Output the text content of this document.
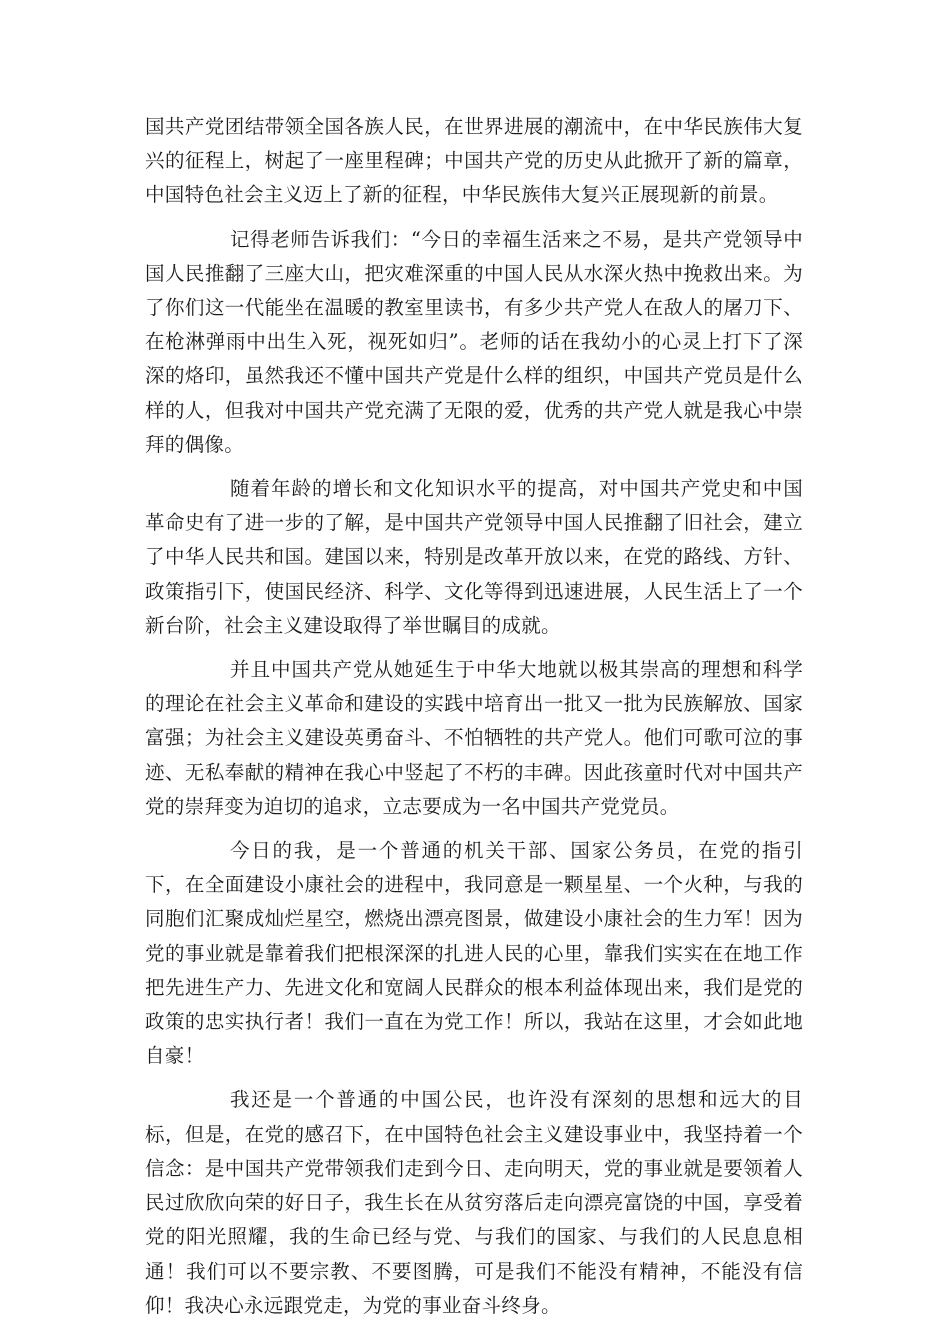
国共产党团结带领全国各族人民，在世界进展的潮流中，在中华民族伟大复兴的征程上，树起了一座里程碑；中国共产党的历史从此掀开了新的篇章，中国特色社会主义迈上了新的征程，中华民族伟大复兴正展现新的前景。

记得老师告诉我们：“今日的幸福生活来之不易，是共产党领导中国人民推翻了三座大山，把灾难深重的中国人民从水深火热中挽救出来。为了你们这一代能坐在温暖的教室里读书，有多少共产党人在敌人的屠刀下、在枪淋弹雨中出生入死，视死如归”。老师的话在我幼小的心灵上打下了深深的烙印，虽然我还不懂中国共产党是什么样的组织，中国共产党员是什么样的人，但我对中国共产党充满了无限的爱，优秀的共产党人就是我心中崇拜的偶像。

随着年龄的增长和文化知识水平的提高，对中国共产党史和中国革命史有了进一步的了解，是中国共产党领导中国人民推翻了旧社会，建立了中华人民共和国。建国以来，特别是改革开放以来，在党的路线、方针、政策指引下，使国民经济、科学、文化等得到迅速进展，人民生活上了一个新台阶，社会主义建设取得了举世瞩目的成就。

并且中国共产党从她延生于中华大地就以极其崇高的理想和科学的理论在社会主义革命和建设的实践中培育出一批又一批为民族解放、国家富强；为社会主义建设英勇奋斗、不怕牺牲的共产党人。他们可歌可泣的事迹、无私奉献的精神在我心中竖起了不朽的丰碑。因此孩童时代对中国共产党的崇拜变为迫切的追求，立志要成为一名中国共产党党员。

今日的我，是一个普通的机关干部、国家公务员，在党的指引下，在全面建设小康社会的进程中，我同意是一颗星星、一个火种，与我的同胞们汇聚成灿烂星空，燃烧出漂亮图景，做建设小康社会的生力军！因为党的事业就是靠着我们把根深深的扎进人民的心里，靠我们实实在在地工作把先进生产力、先进文化和宽阔人民群众的根本利益体现出来，我们是党的政策的忠实执行者！我们一直在为党工作！所以，我站在这里，才会如此地自豪！

我还是一个普通的中国公民，也许没有深刻的思想和远大的目标，但是，在党的感召下，在中国特色社会主义建设事业中，我坚持着一个信念：是中国共产党带领我们走到今日、走向明天，党的事业就是要领着人民过欣欣向荣的好日子，我生长在从贫穷落后走向漂亮富饶的中国，享受着党的阳光照耀，我的生命已经与党、与我们的国家、与我们的人民息息相通！我们可以不要宗教、不要图腾，可是我们不能没有精神，不能没有信仰！我决心永远跟党走，为党的事业奋斗终身。
